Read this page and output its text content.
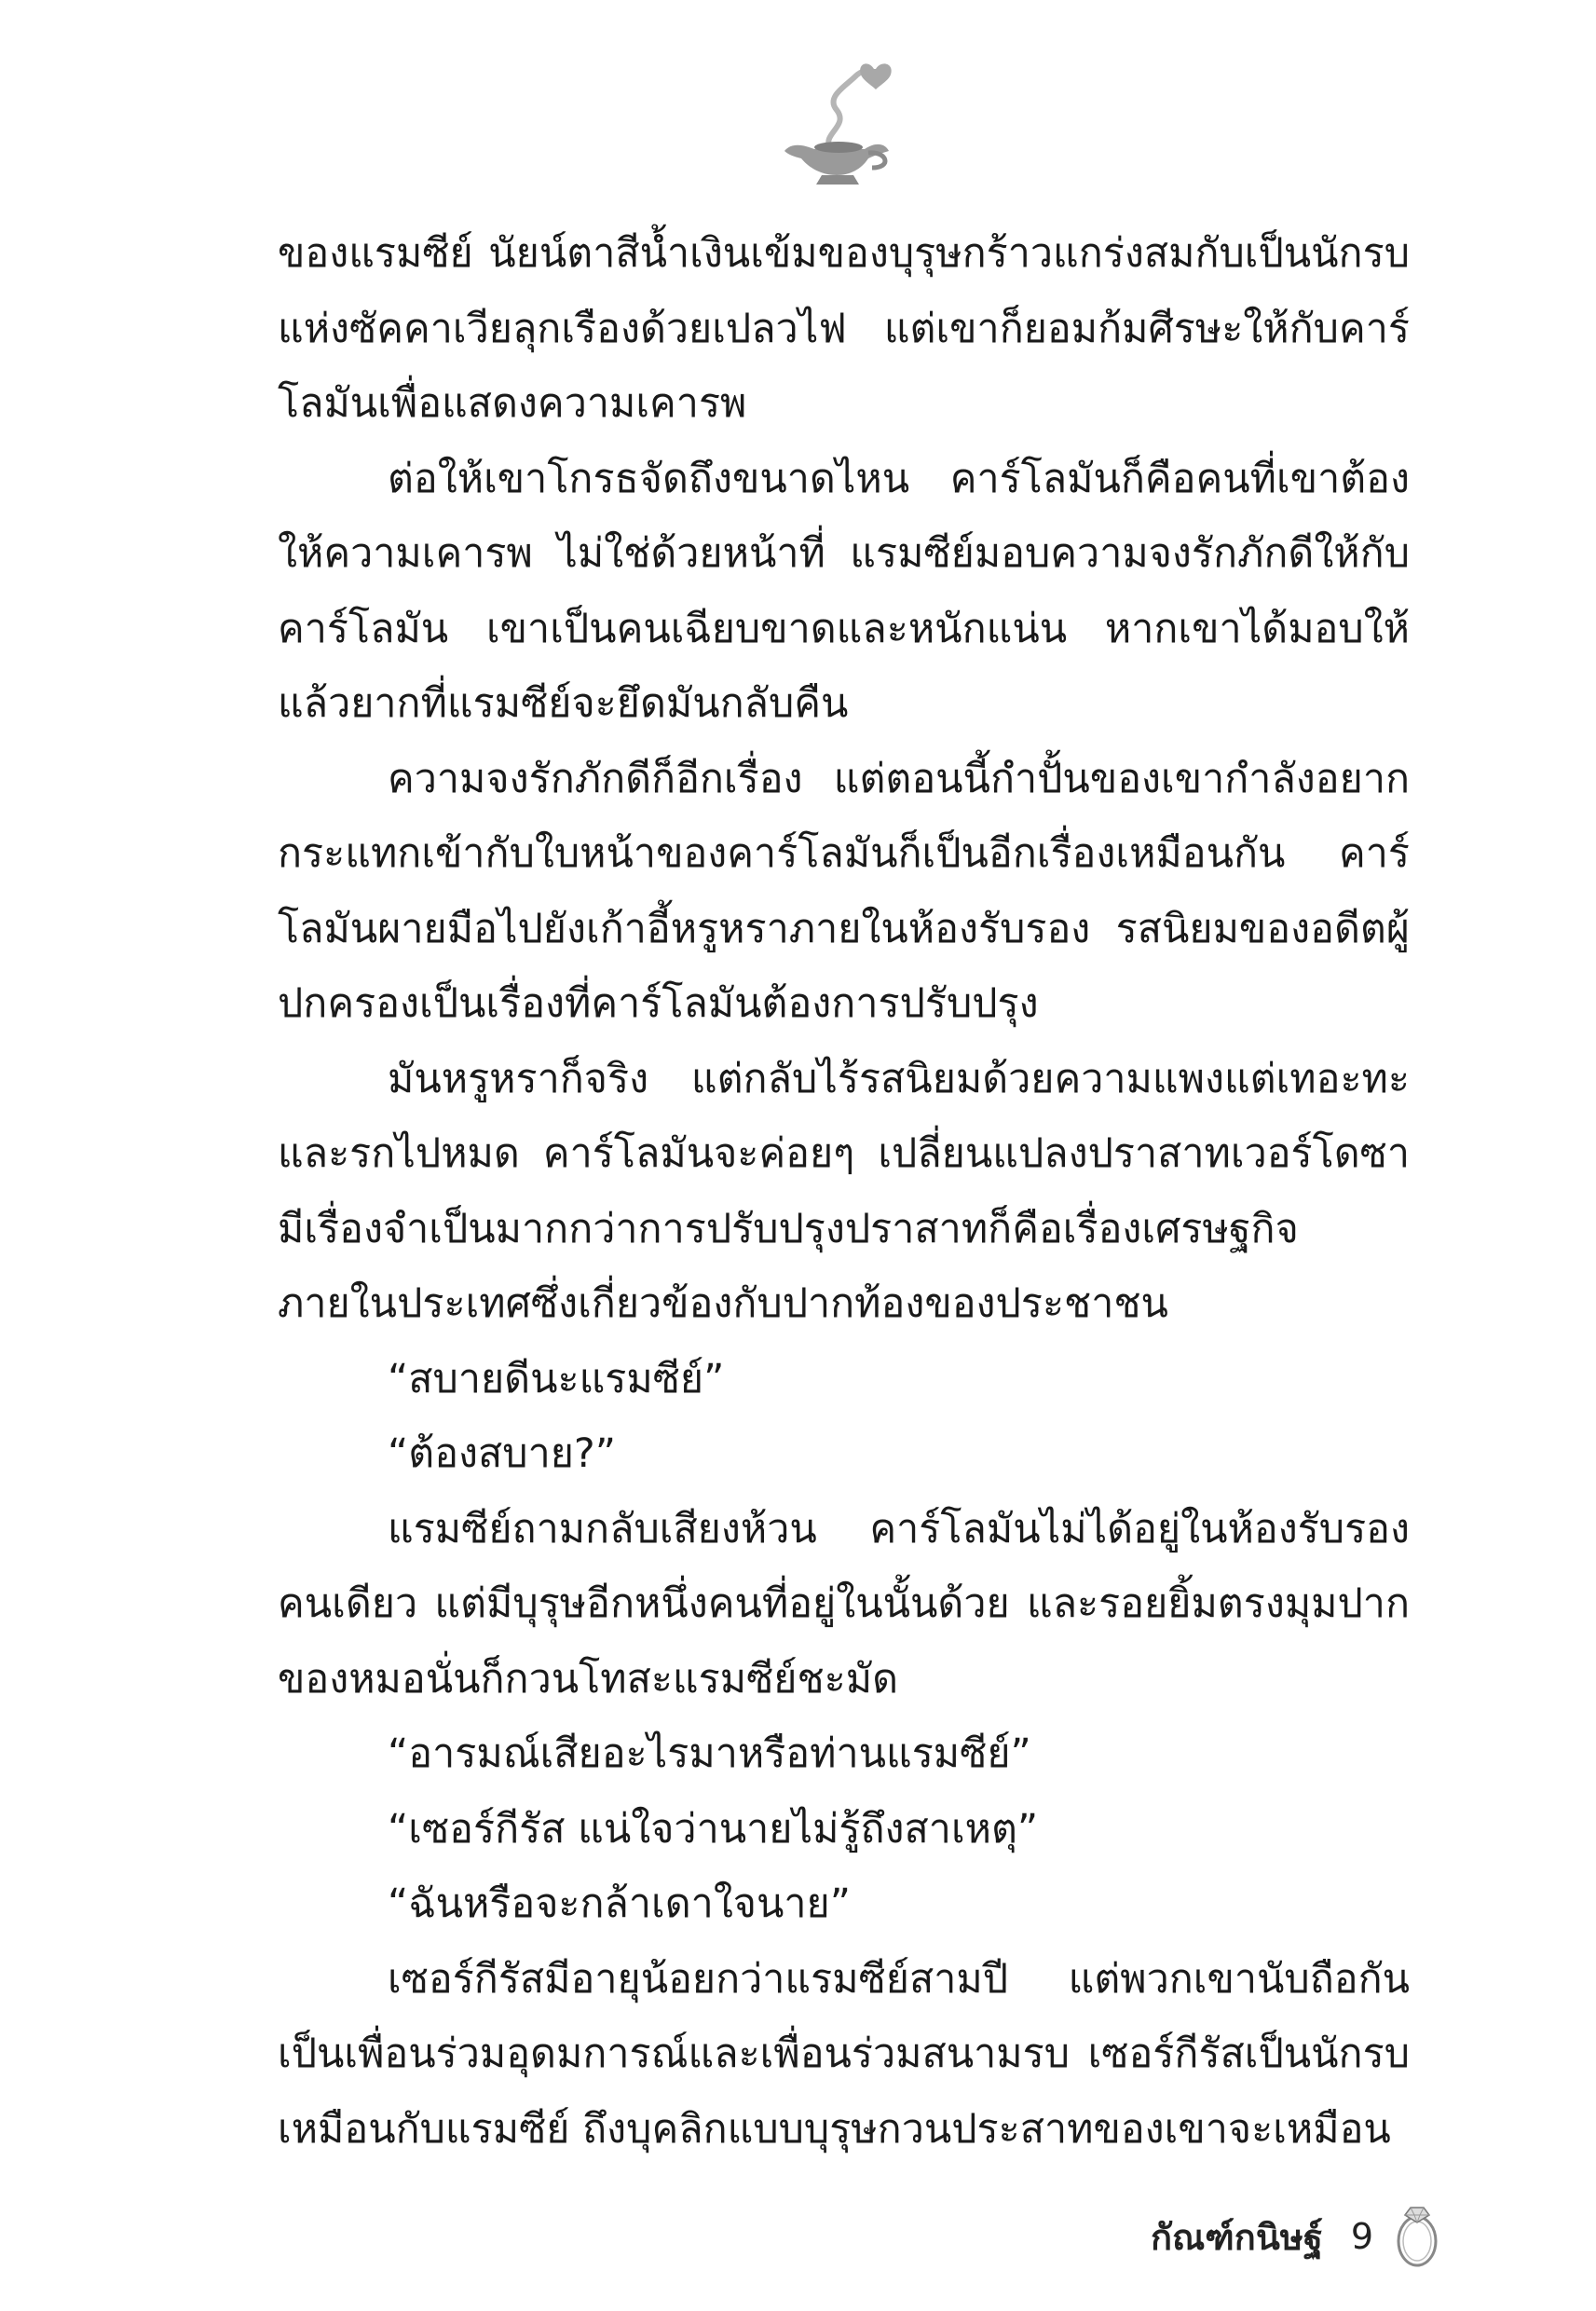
ของแรมซีย์ นัยน์ตาสีน้ำเงินเข้มของบุรุษกร้าวแกร่งสมกับเป็นนักรบแห่งซัคคาเวียลุกเรืองด้วยเปลวไฟ แต่เขาก็ยอมก้มศีรษะให้กับคาร์โลมันเพื่อแสดงความเคารพ

ต่อให้เขาโกรธจัดถึงขนาดไหน คาร์โลมันก็คือคนที่เขาต้องให้ความเคารพ ไม่ใช่ด้วยหน้าที่ แรมซีย์มอบความจงรักภักดีให้กับคาร์โลมัน เขาเป็นคนเฉียบขาดและหนักแน่น หากเขาได้มอบให้แล้วยากที่แรมซีย์จะยึดมันกลับคืน

ความจงรักภักดีก็อีกเรื่อง แต่ตอนนี้กำปั้นของเขากำลังอยากกระแทกเข้ากับใบหน้าของคาร์โลมันก็เป็นอีกเรื่องเหมือนกัน คาร์โลมันผายมือไปยังเก้าอี้หรูหราภายในห้องรับรอง รสนิยมของอดีตผู้ปกครองเป็นเรื่องที่คาร์โลมันต้องการปรับปรุง

มันหรูหราก็จริง แต่กลับไร้รสนิยมด้วยความแพงแต่เทอะทะและรกไปหมด คาร์โลมันจะค่อยๆ เปลี่ยนแปลงปราสาทเวอร์โดซามีเรื่องจำเป็นมากกว่าการปรับปรุงปราสาทก็คือเรื่องเศรษฐกิจภายในประเทศซึ่งเกี่ยวข้องกับปากท้องของประชาชน

“สบายดีนะแรมซีย์”

“ต้องสบาย?”

แรมซีย์ถามกลับเสียงห้วน คาร์โลมันไม่ได้อยู่ในห้องรับรองคนเดียว แต่มีบุรุษอีกหนึ่งคนที่อยู่ในนั้นด้วย และรอยยิ้มตรงมุมปากของหมอนั่นก็กวนโทสะแรมซีย์ชะมัด

“อารมณ์เสียอะไรมาหรือท่านแรมซีย์”

“เซอร์กีรัส แน่ใจว่านายไม่รู้ถึงสาเหตุ”

“ฉันหรือจะกล้าเดาใจนาย”

เซอร์กีรัสมีอายุน้อยกว่าแรมซีย์สามปี แต่พวกเขานับถือกันเป็นเพื่อนร่วมอุดมการณ์และเพื่อนร่วมสนามรบ เซอร์กีรัสเป็นนักรบเหมือนกับแรมซีย์ ถึงบุคลิกแบบบุรุษกวนประสาทของเขาจะเหมือน

กัณฑ์กนิษฐ์ 9
